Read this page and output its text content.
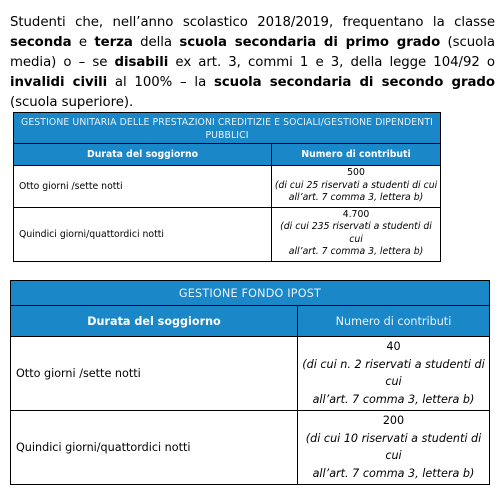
Studenti che, nell’anno scolastico 2018/2019, frequentano la classe seconda e terza della scuola secondaria di primo grado (scuola media) o – se disabili ex art. 3, commi 1 e 3, della legge 104/92 o invalidi civili al 100% – la scuola secondaria di secondo grado (scuola superiore).
GESTIONE UNITARIA DELLE PRESTAZIONI CREDITIZIE E SOCIALI/GESTIONE DIPENDENTI PUBBLICI	
Durata del soggiorno	Numero di contributi
Otto giorni /sette notti	500
(di cui 25 riservati a studenti di cui
all’art. 7 comma 3, lettera b)

Quindici giorni/quattordici notti	4.700
(di cui 235 riservati a studenti di cui
all’art. 7 comma 3, lettera b)
GESTIONE FONDO IPOST	
Durata del soggiorno	Numero di contributi
Otto giorni /sette notti	40
(di cui n. 2 riservati a studenti di cui
all’art. 7 comma 3, lettera b)

Quindici giorni/quattordici notti	200
(di cui 10 riservati a studenti di cui
all’art. 7 comma 3, lettera b)
